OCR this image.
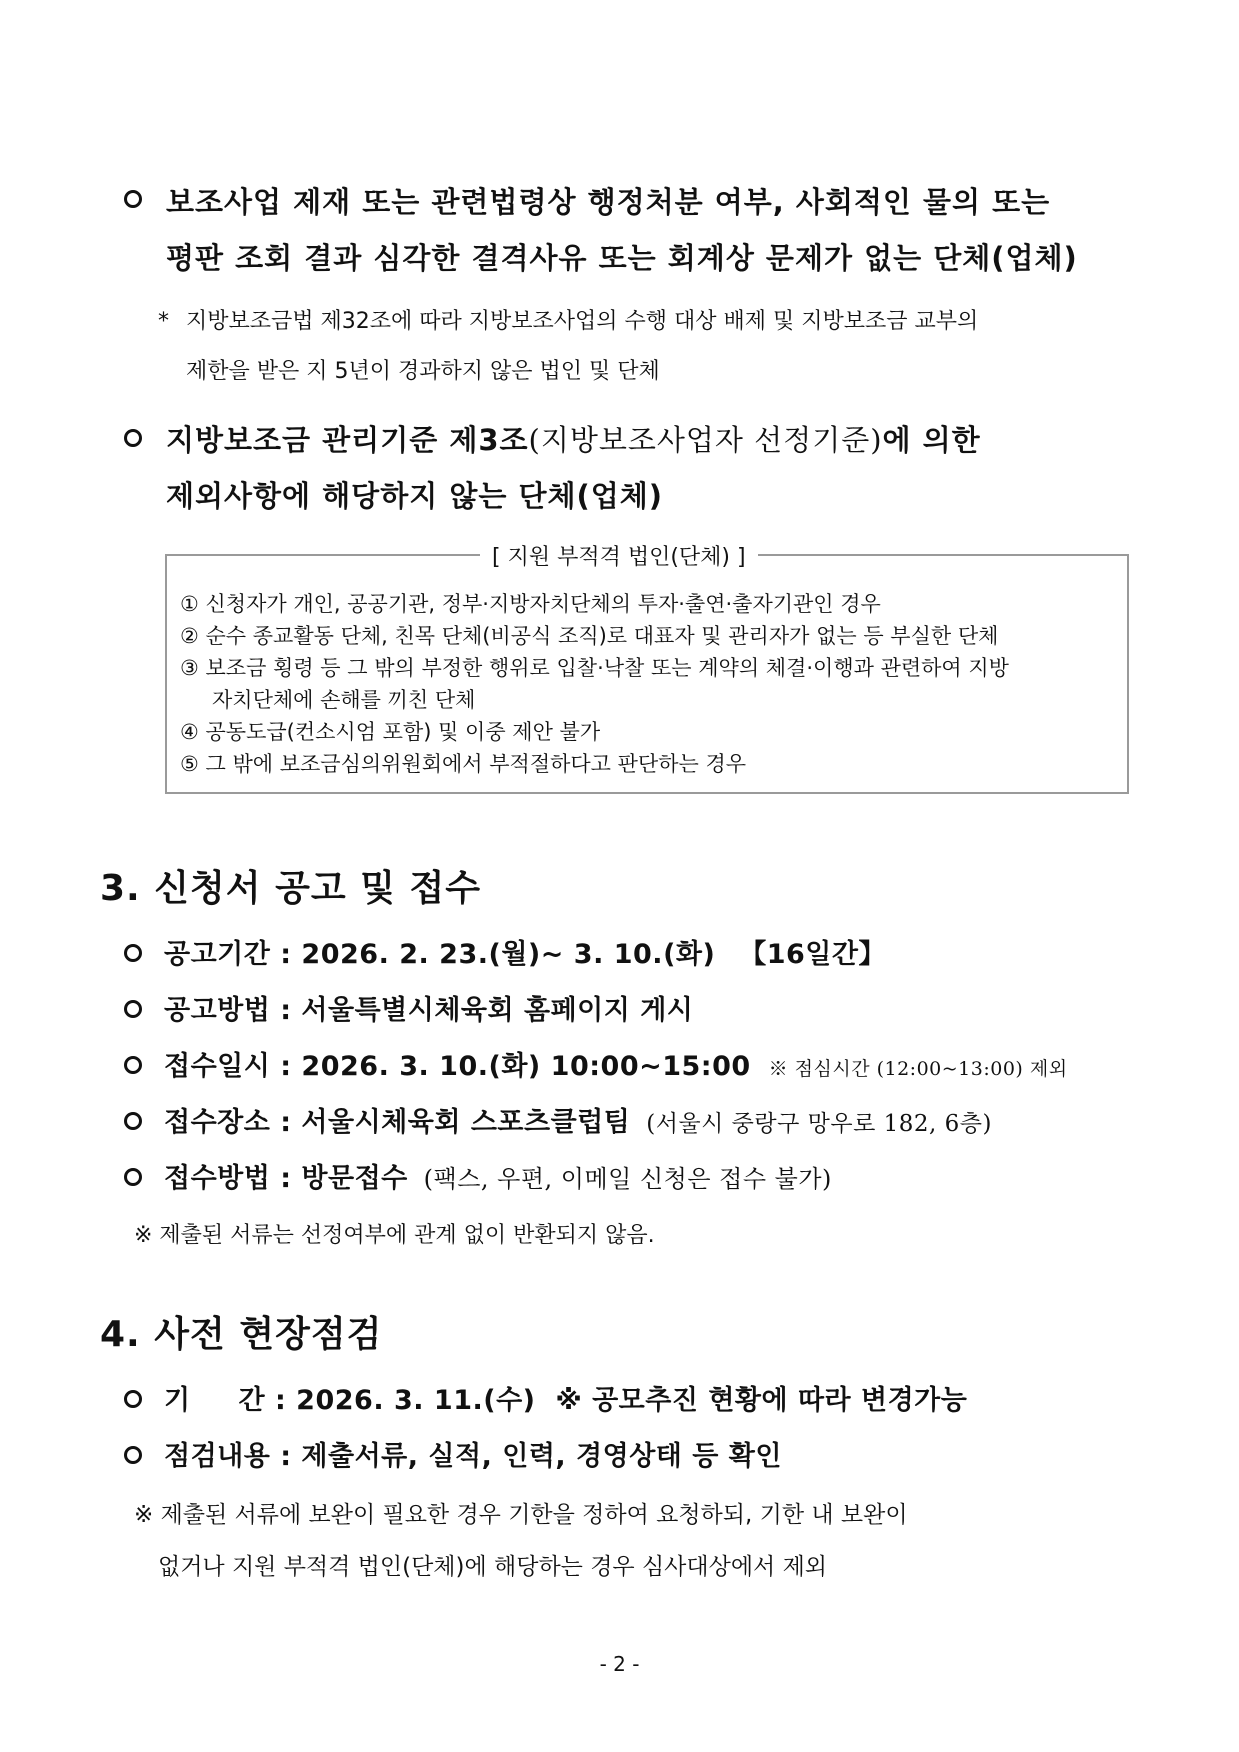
보조사업 제재 또는 관련법령상 행정처분 여부, 사회적인 물의 또는
평판 조회 결과 심각한 결격사유 또는 회계상 문제가 없는 단체(업체)
* 지방보조금법 제32조에 따라 지방보조사업의 수행 대상 배제 및 지방보조금 교부의
제한을 받은 지 5년이 경과하지 않은 법인 및 단체
지방보조금 관리기준 제3조(지방보조사업자 선정기준)에 의한
제외사항에 해당하지 않는 단체(업체)
[ 지원 부적격 법인(단체) ]
① 신청자가 개인, 공공기관, 정부·지방자치단체의 투자·출연·출자기관인 경우
② 순수 종교활동 단체, 친목 단체(비공식 조직)로 대표자 및 관리자가 없는 등 부실한 단체
③ 보조금 횡령 등 그 밖의 부정한 행위로 입찰·낙찰 또는 계약의 체결·이행과 관련하여 지방
자치단체에 손해를 끼친 단체
④ 공동도급(컨소시엄 포함) 및 이중 제안 불가
⑤ 그 밖에 보조금심의위원회에서 부적절하다고 판단하는 경우
3. 신청서 공고 및 접수
공고기간 : 2026. 2. 23.(월)~ 3. 10.(화) 【16일간】
공고방법 : 서울특별시체육회 홈페이지 게시
접수일시 : 2026. 3. 10.(화) 10:00~15:00 ※ 점심시간 (12:00~13:00) 제외
접수장소 : 서울시체육회 스포츠클럽팀 (서울시 중랑구 망우로 182, 6층)
접수방법 : 방문접수 (팩스, 우편, 이메일 신청은 접수 불가)
※ 제출된 서류는 선정여부에 관계 없이 반환되지 않음.
4. 사전 현장점검
기 간 : 2026. 3. 11.(수) ※ 공모추진 현황에 따라 변경가능
점검내용 : 제출서류, 실적, 인력, 경영상태 등 확인
※ 제출된 서류에 보완이 필요한 경우 기한을 정하여 요청하되, 기한 내 보완이
없거나 지원 부적격 법인(단체)에 해당하는 경우 심사대상에서 제외
- 2 -
